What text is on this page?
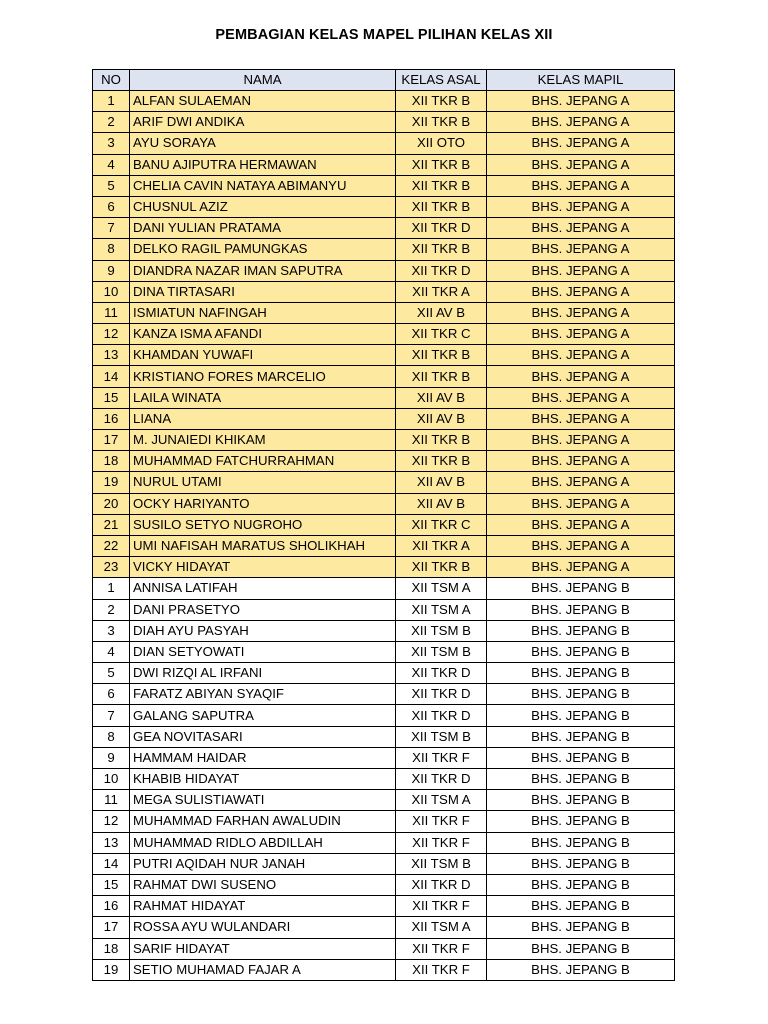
PEMBAGIAN KELAS MAPEL PILIHAN KELAS XII
NO	NAMA	KELAS ASAL	KELAS MAPIL
1	ALFAN SULAEMAN	XII TKR B	BHS. JEPANG A
2	ARIF DWI ANDIKA	XII TKR B	BHS. JEPANG A
3	AYU SORAYA	XII OTO	BHS. JEPANG A
4	BANU AJIPUTRA HERMAWAN	XII TKR B	BHS. JEPANG A
5	CHELIA CAVIN NATAYA ABIMANYU	XII TKR B	BHS. JEPANG A
6	CHUSNUL AZIZ	XII TKR B	BHS. JEPANG A
7	DANI YULIAN PRATAMA	XII TKR D	BHS. JEPANG A
8	DELKO RAGIL PAMUNGKAS	XII TKR B	BHS. JEPANG A
9	DIANDRA NAZAR IMAN SAPUTRA	XII TKR D	BHS. JEPANG A
10	DINA TIRTASARI	XII TKR A	BHS. JEPANG A
11	ISMIATUN NAFINGAH	XII AV B	BHS. JEPANG A
12	KANZA ISMA AFANDI	XII TKR C	BHS. JEPANG A
13	KHAMDAN YUWAFI	XII TKR B	BHS. JEPANG A
14	KRISTIANO FORES MARCELIO	XII TKR B	BHS. JEPANG A
15	LAILA WINATA	XII AV B	BHS. JEPANG A
16	LIANA	XII AV B	BHS. JEPANG A
17	M. JUNAIEDI KHIKAM	XII TKR B	BHS. JEPANG A
18	MUHAMMAD FATCHURRAHMAN	XII TKR B	BHS. JEPANG A
19	NURUL UTAMI	XII AV B	BHS. JEPANG A
20	OCKY HARIYANTO	XII AV B	BHS. JEPANG A
21	SUSILO SETYO NUGROHO	XII TKR C	BHS. JEPANG A
22	UMI NAFISAH MARATUS SHOLIKHAH	XII TKR A	BHS. JEPANG A
23	VICKY HIDAYAT	XII TKR B	BHS. JEPANG A
1	ANNISA LATIFAH	XII TSM A	BHS. JEPANG B
2	DANI PRASETYO	XII TSM A	BHS. JEPANG B
3	DIAH AYU PASYAH	XII TSM B	BHS. JEPANG B
4	DIAN SETYOWATI	XII TSM B	BHS. JEPANG B
5	DWI RIZQI AL IRFANI	XII TKR D	BHS. JEPANG B
6	FARATZ ABIYAN SYAQIF	XII TKR D	BHS. JEPANG B
7	GALANG SAPUTRA	XII TKR D	BHS. JEPANG B
8	GEA NOVITASARI	XII TSM B	BHS. JEPANG B
9	HAMMAM HAIDAR	XII TKR F	BHS. JEPANG B
10	KHABIB HIDAYAT	XII TKR D	BHS. JEPANG B
11	MEGA SULISTIAWATI	XII TSM A	BHS. JEPANG B
12	MUHAMMAD FARHAN AWALUDIN	XII TKR F	BHS. JEPANG B
13	MUHAMMAD RIDLO ABDILLAH	XII TKR F	BHS. JEPANG B
14	PUTRI AQIDAH NUR JANAH	XII TSM B	BHS. JEPANG B
15	RAHMAT DWI SUSENO	XII TKR D	BHS. JEPANG B
16	RAHMAT HIDAYAT	XII TKR F	BHS. JEPANG B
17	ROSSA AYU WULANDARI	XII TSM A	BHS. JEPANG B
18	SARIF HIDAYAT	XII TKR F	BHS. JEPANG B
19	SETIO MUHAMAD FAJAR A	XII TKR F	BHS. JEPANG B
